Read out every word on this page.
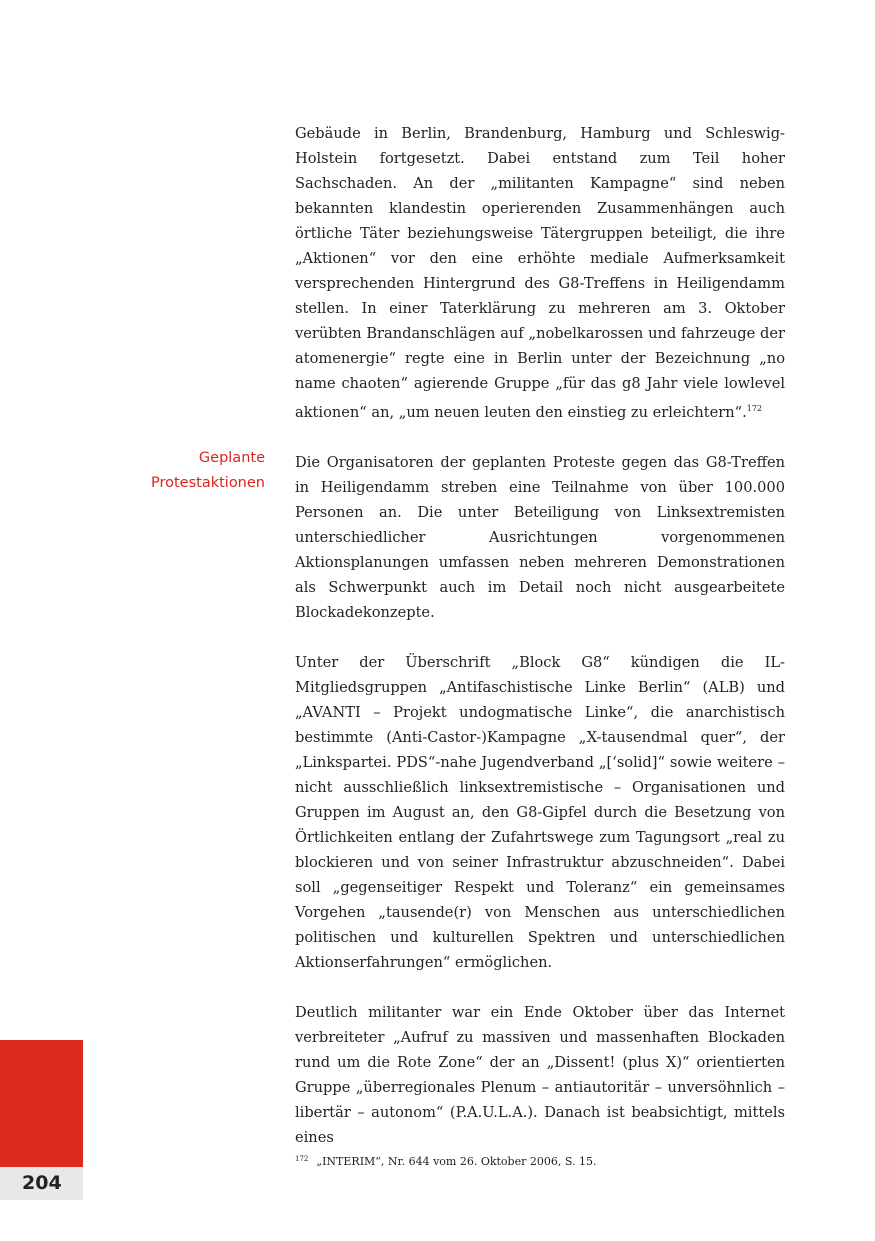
Geplante
Protestaktionen

Gebäude in Berlin, Brandenburg, Hamburg und Schleswig-Holstein fortgesetzt. Dabei entstand zum Teil hoher Sachschaden. An der „militanten Kampagne“ sind neben bekannten klandestin operierenden Zusammenhängen auch örtliche Täter beziehungsweise Tätergruppen beteiligt, die ihre „Aktionen“ vor den eine erhöhte mediale Aufmerksamkeit versprechenden Hintergrund des G8-Treffens in Heiligendamm stellen. In einer Taterklärung zu mehreren am 3. Oktober verübten Brandanschlägen auf „nobelkarossen und fahrzeuge der atomenergie“ regte eine in Berlin unter der Bezeichnung „no name chaoten“ agierende Gruppe „für das g8 Jahr viele lowlevel aktionen“ an, „um neuen leuten den einstieg zu erleichtern“.$^{172}$

Die Organisatoren der geplanten Proteste gegen das G8-Treffen in Heiligendamm streben eine Teilnahme von über 100.000 Personen an. Die unter Beteiligung von Linksextremisten unterschiedlicher Ausrichtungen vorgenommenen Aktionsplanungen umfassen neben mehreren Demonstrationen als Schwerpunkt auch im Detail noch nicht ausgearbeitete Blockadekonzepte.

Unter der Überschrift „Block G8“ kündigen die IL-Mitgliedsgruppen „Antifaschistische Linke Berlin“ (ALB) und „AVANTI – Projekt undogmatische Linke“, die anarchistisch bestimmte (Anti-Castor-)Kampagne „X-tausendmal quer“, der „Linkspartei. PDS“-nahe Jugendverband „[‘solid]“ sowie weitere – nicht ausschließlich linksextremistische – Organisationen und Gruppen im August an, den G8-Gipfel durch die Besetzung von Örtlichkeiten entlang der Zufahrtswege zum Tagungsort „real zu blockieren und von seiner Infrastruktur abzuschneiden“. Dabei soll „gegenseitiger Respekt und Toleranz“ ein gemeinsames Vorgehen „tausende(r) von Menschen aus unterschiedlichen politischen und kulturellen Spektren und unterschiedlichen Aktionserfahrungen“ ermöglichen.

Deutlich militanter war ein Ende Oktober über das Internet verbreiteter „Aufruf zu massiven und massenhaften Blockaden rund um die Rote Zone“ der an „Dissent! (plus X)“ orientierten Gruppe „überregionales Plenum – antiautoritär – unversöhnlich – libertär – autonom“ (P.A.U.L.A.). Danach ist beabsichtigt, mittels eines

$^{172}$ „INTERIM“, Nr. 644 vom 26. Oktober 2006, S. 15.
204
